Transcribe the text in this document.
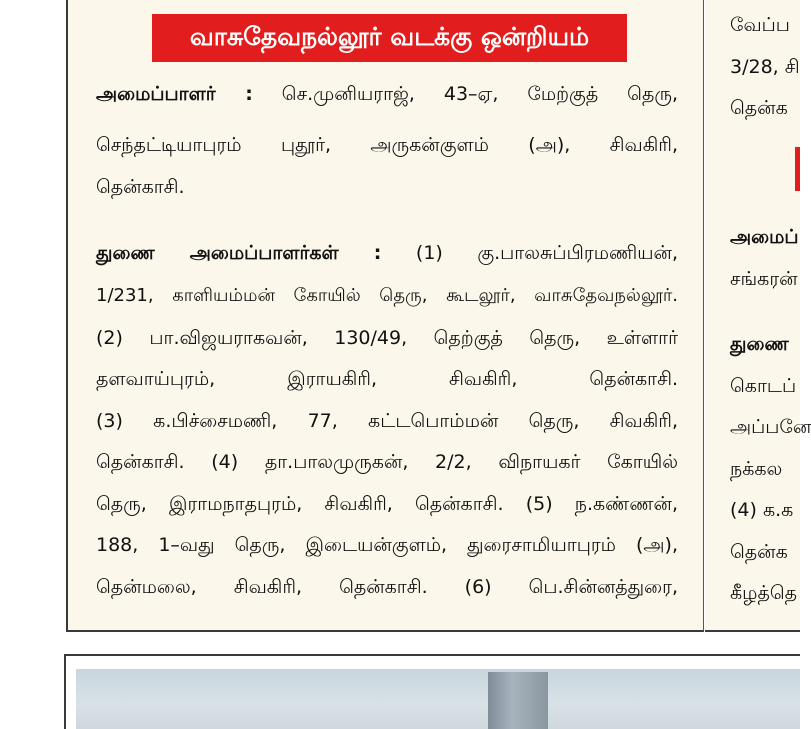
வாசுதேவநல்லூர் வடக்கு ஒன்றியம்
அமைப்பாளர் : செ.முனியராஜ், 43–ஏ, மேற்குத் தெரு,
செந்தட்டியாபுரம் புதூர், அருகன்குளம் (அ), சிவகிரி,
தென்காசி.
துணை அமைப்பாளர்கள் : (1) கு.பாலசுப்பிரமணியன்,
1/231, காளியம்மன் கோயில் தெரு, கூடலூர், வாசுதேவநல்லூர்.
(2) பா.விஜயராகவன், 130/49, தெற்குத் தெரு, உள்ளார்
தளவாய்புரம், இராயகிரி, சிவகிரி, தென்காசி.
(3) க.பிச்சைமணி, 77, கட்டபொம்மன் தெரு, சிவகிரி,
தென்காசி. (4) தா.பாலமுருகன், 2/2, விநாயகர் கோயில்
தெரு, இராமநாதபுரம், சிவகிரி, தென்காசி. (5) ந.கண்ணன்,
188, 1–வது தெரு, இடையன்குளம், துரைசாமியாபுரம் (அ),
தென்மலை, சிவகிரி, தென்காசி. (6) பெ.சின்னத்துரை,
வேப்ப
3/28, சி
தென்க
அமைப்
சங்கரன்
துணை
கொடப்
அப்பனே
நக்கல
(4) க.க
தென்க
கீழத்தெ
